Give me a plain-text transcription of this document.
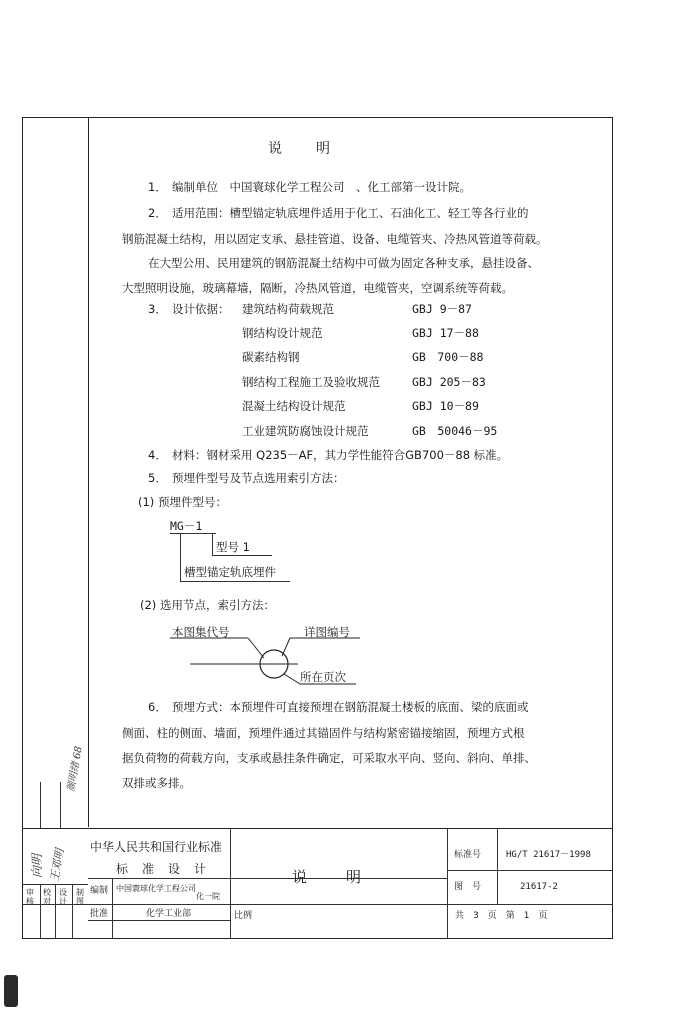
说　　明
1． 编制单位　中国寰球化学工程公司　、化工部第一设计院。
2． 适用范围：槽型锚定轨底埋件适用于化工、石油化工、轻工等各行业的
钢筋混凝土结构，用以固定支承、悬挂管道、设备、电缆管夹、冷热风管道等荷载。
在大型公用、民用建筑的钢筋混凝土结构中可做为固定各种支承，悬挂设备、
大型照明设施，玻璃幕墙，隔断，冷热风管道，电缆管夹，空调系统等荷载。
3． 设计依据： 建筑结构荷载规范	GBJ 9－87
钢结构设计规范	GBJ 17－88
碳素结构钢	GB　700－88
钢结构工程施工及验收规范	GBJ 205－83
混凝土结构设计规范	GBJ 10－89
工业建筑防腐蚀设计规范	GB　50046－95
4． 材料：钢材采用 Q235－AF，其力学性能符合GB700－88 标准。
5． 预埋件型号及节点选用索引方法：
(1) 预埋件型号：
MG－1
型号 1
槽型锚定轨底埋件
(2) 选用节点，索引方法：
本图集代号	详图编号
所在页次
6． 预埋方式：本预埋件可直接预埋在钢筋混凝土楼板的底面、梁的底面或
侧面、柱的侧面、墙面，预埋件通过其锚固件与结构紧密锚接缩固，预埋方式根
据负荷物的荷载方向，支承或悬挂条件确定，可采取水平向、竖向、斜向、单排、
双排或多排。
颜明绪 68
中华人民共和国行业标准
标　准　设　计	说　　明
标准号	HG/T 21617－1998
图　号	21617-2
共　3　页　第　1　页
比例
编制 中国寰球化学工程公司
化一院
批准	化学工业部
审核
校对
设计
制图
向明 王邓明
